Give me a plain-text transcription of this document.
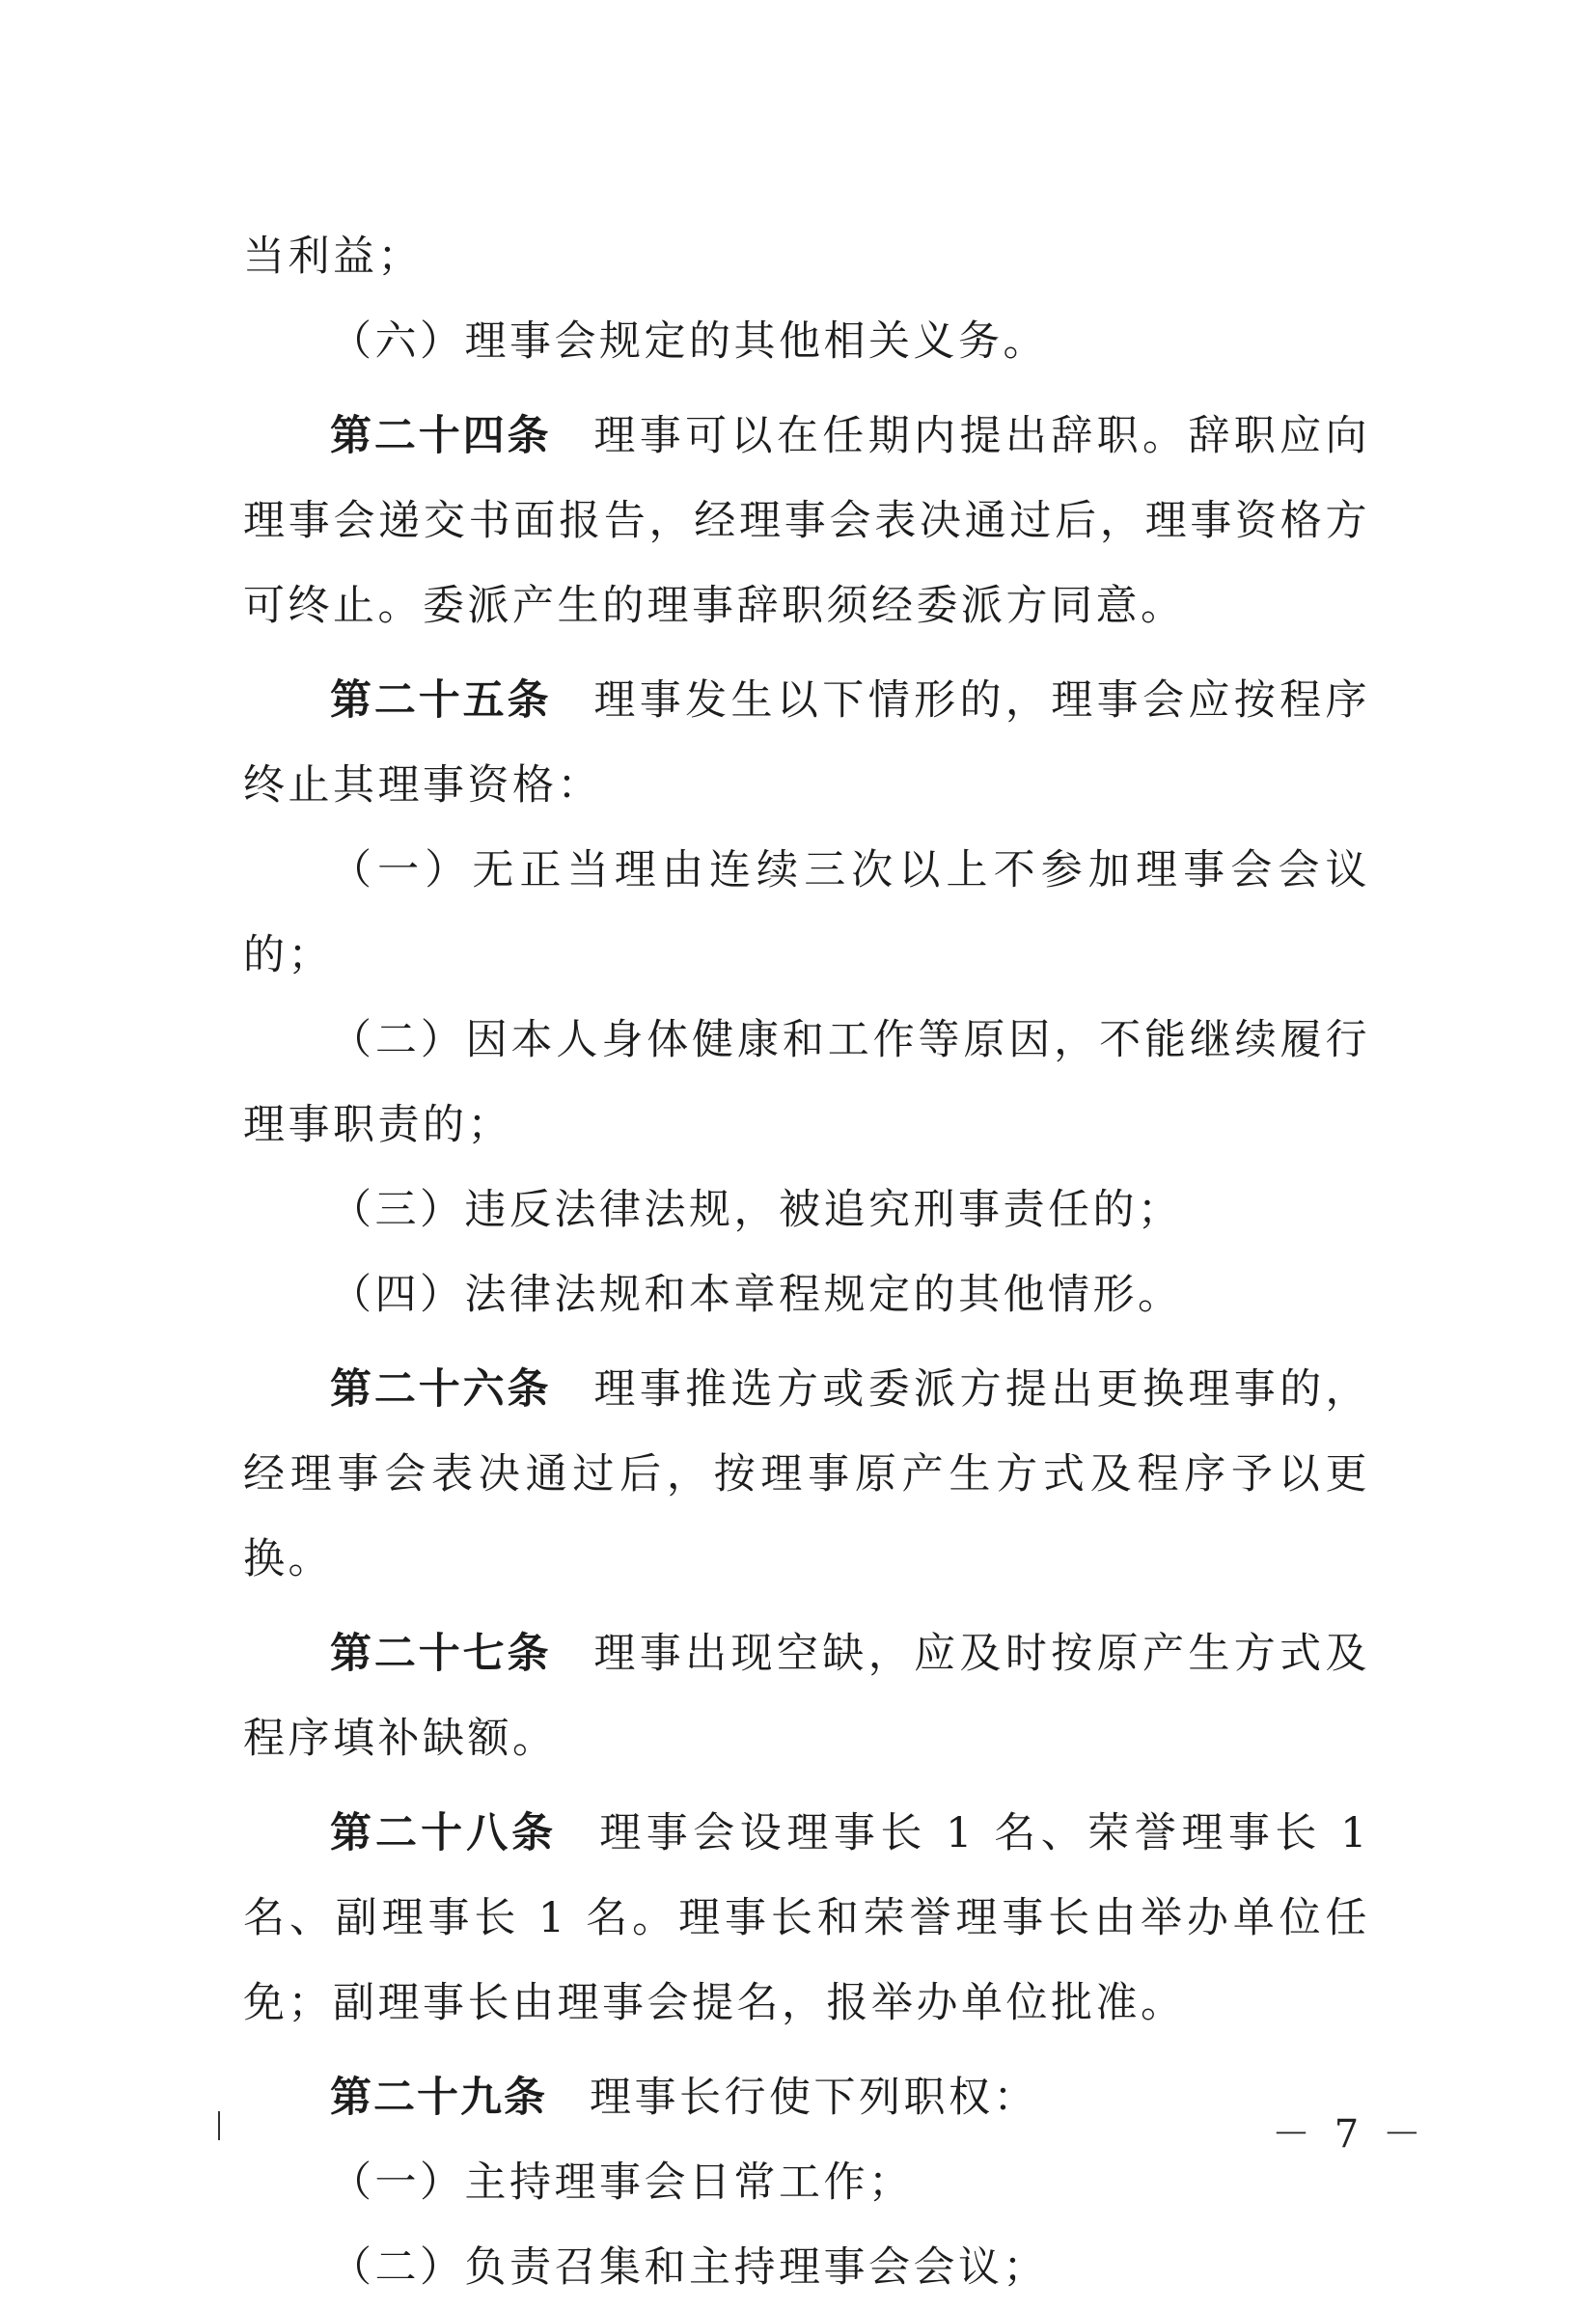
当利益；

（六）理事会规定的其他相关义务。

第二十四条 理事可以在任期内提出辞职。辞职应向理事会递交书面报告，经理事会表决通过后，理事资格方可终止。委派产生的理事辞职须经委派方同意。

第二十五条 理事发生以下情形的，理事会应按程序终止其理事资格：

（一）无正当理由连续三次以上不参加理事会会议的；

（二）因本人身体健康和工作等原因，不能继续履行理事职责的；

（三）违反法律法规，被追究刑事责任的；

（四）法律法规和本章程规定的其他情形。

第二十六条 理事推选方或委派方提出更换理事的，经理事会表决通过后，按理事原产生方式及程序予以更换。

第二十七条 理事出现空缺，应及时按原产生方式及程序填补缺额。

第二十八条 理事会设理事长 1 名、荣誉理事长 1 名、副理事长 1 名。理事长和荣誉理事长由举办单位任免；副理事长由理事会提名，报举办单位批准。

第二十九条 理事长行使下列职权：

（一）主持理事会日常工作；

（二）负责召集和主持理事会会议；

－ 7 －
